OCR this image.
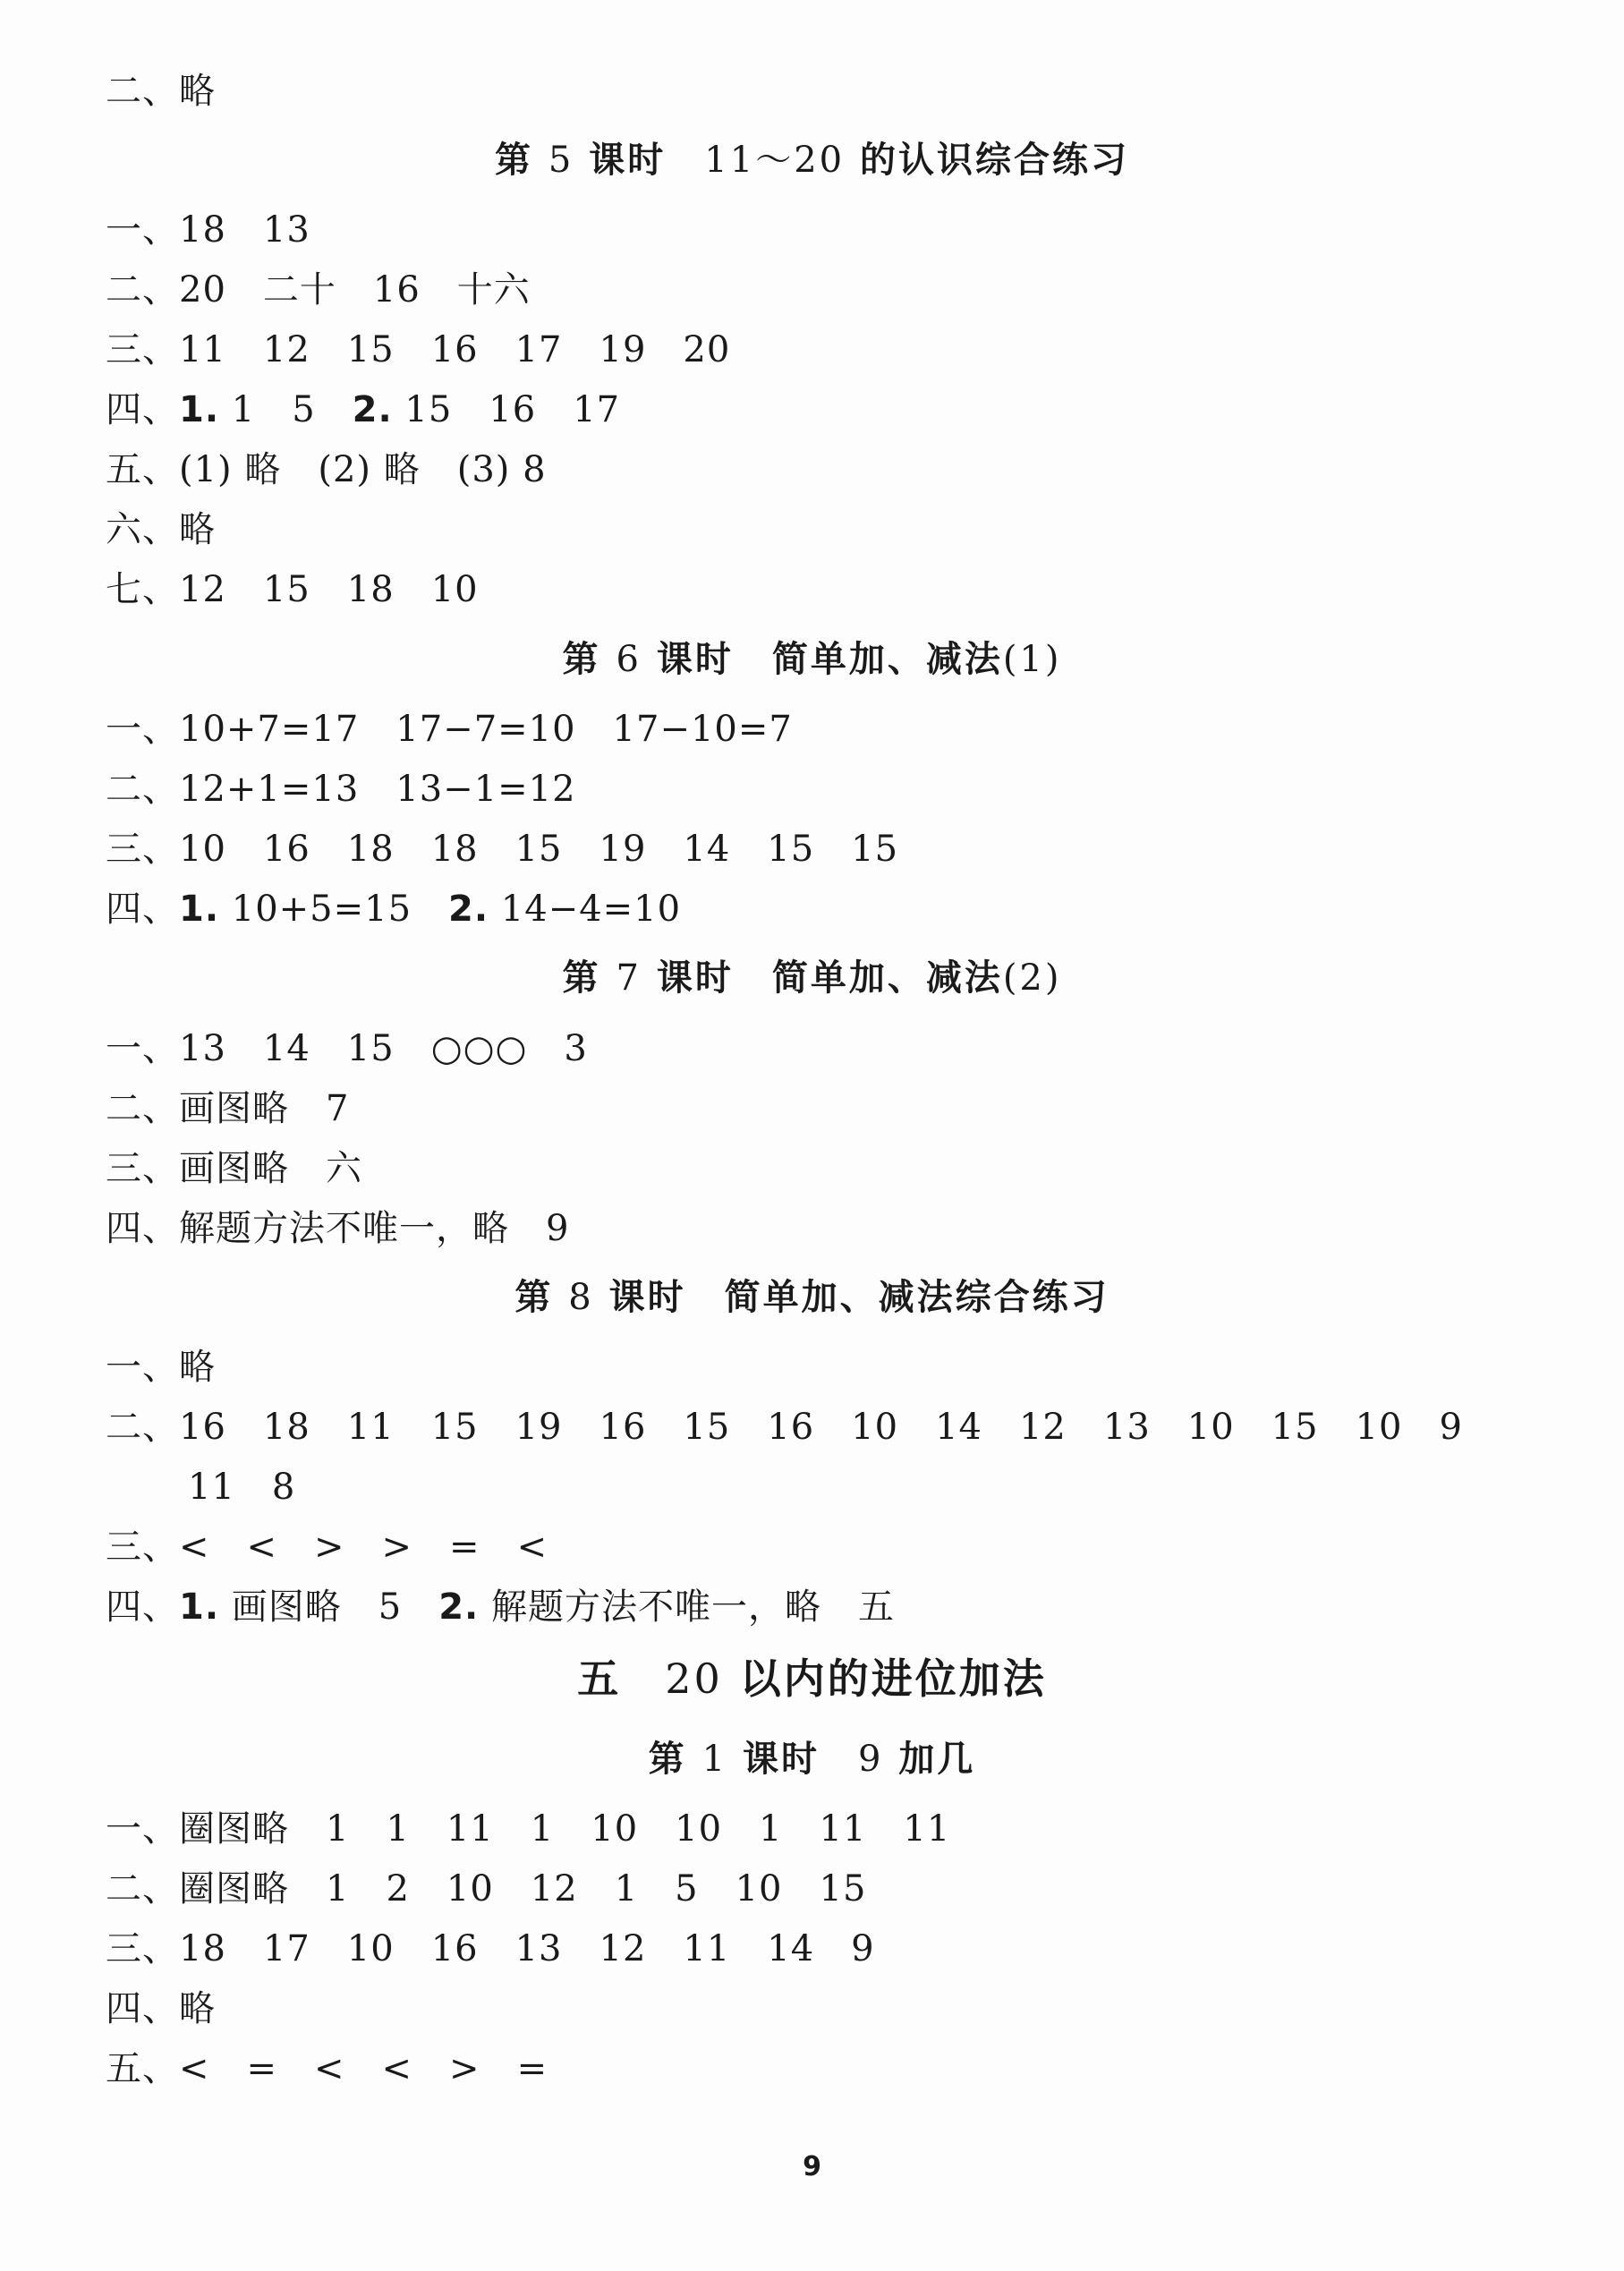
二、略
第 5 课时　11～20 的认识综合练习
一、18　13
二、20　二十　16　十六
三、11　12　15　16　17　19　20
四、1. 1　5　2. 15　16　17
五、(1) 略　(2) 略　(3) 8
六、略
七、12　15　18　10
第 6 课时　简单加、减法(1)
一、10+7=17　17−7=10　17−10=7
二、12+1=13　13−1=12
三、10　16　18　18　15　19　14　15　15
四、1. 10+5=15　2. 14−4=10
第 7 课时　简单加、减法(2)
一、13　14　15　○○○　3
二、画图略　7
三、画图略　六
四、解题方法不唯一，略　9
第 8 课时　简单加、减法综合练习
一、略
二、16　18　11　15　19　16　15　16　10　14　12　13　10　15　10　9
11　8
三、<　<　>　>　=　<
四、1. 画图略　5　2. 解题方法不唯一，略　五
五　20 以内的进位加法
第 1 课时　9 加几
一、圈图略　1　1　11　1　10　10　1　11　11
二、圈图略　1　2　10　12　1　5　10　15
三、18　17　10　16　13　12　11　14　9
四、略
五、<　=　<　<　>　=
9
